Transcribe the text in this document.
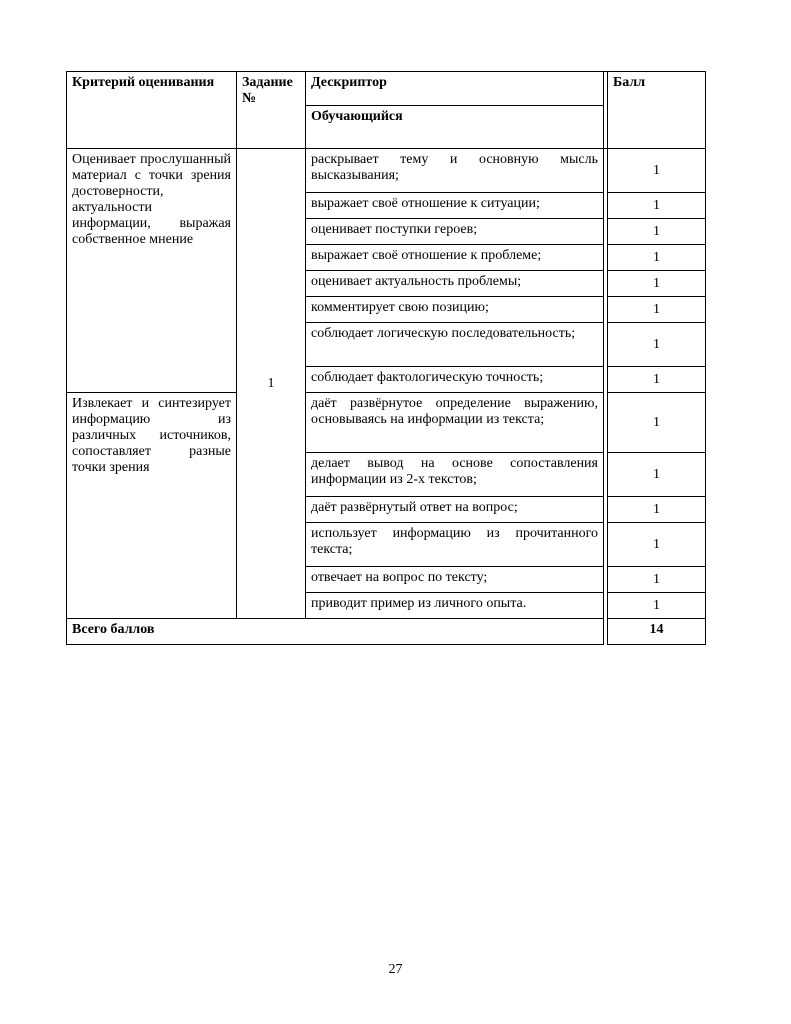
Критерий оценивания	Задание №	Дескриптор		Балл
		Обучающийся		
Оценивает прослушанный материал с точки зрения достоверности, актуальности информации, выражая собственное мнение	1	раскрывает тему и основную мысль высказывания;		1
		выражает своё отношение к ситуации;		1
		оценивает поступки героев;		1
		выражает своё отношение к проблеме;		1
		оценивает актуальность проблемы;		1
		комментирует свою позицию;		1
		соблюдает логическую последовательность;		1
		соблюдает фактологическую точность;		1
Извлекает и синтезирует информацию из различных источников, сопоставляет разные точки зрения		даёт развёрнутое определение выражению, основываясь на информации из текста;		1
		делает вывод на основе сопоставления информации из 2-х текстов;		1
		даёт развёрнутый ответ на вопрос;		1
		использует информацию из прочитанного текста;		1
		отвечает на вопрос по тексту;		1
		приводит пример из личного опыта.		1
Всего баллов				14
27
